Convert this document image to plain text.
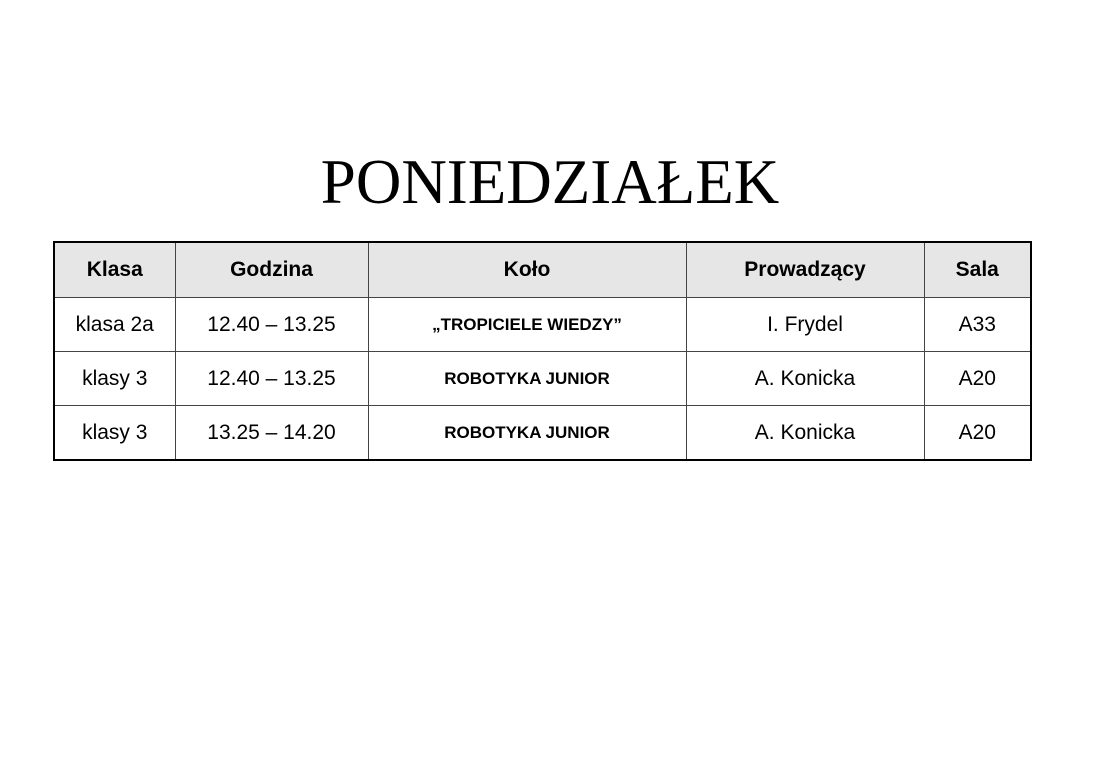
PONIEDZIAŁEK
Klasa	Godzina	Koło	Prowadzący	Sala
klasa 2a	12.40 – 13.25	„TROPICIELE WIEDZY”	I. Frydel	A33
klasy 3	12.40 – 13.25	ROBOTYKA JUNIOR	A. Konicka	A20
klasy 3	13.25 – 14.20	ROBOTYKA JUNIOR	A. Konicka	A20
